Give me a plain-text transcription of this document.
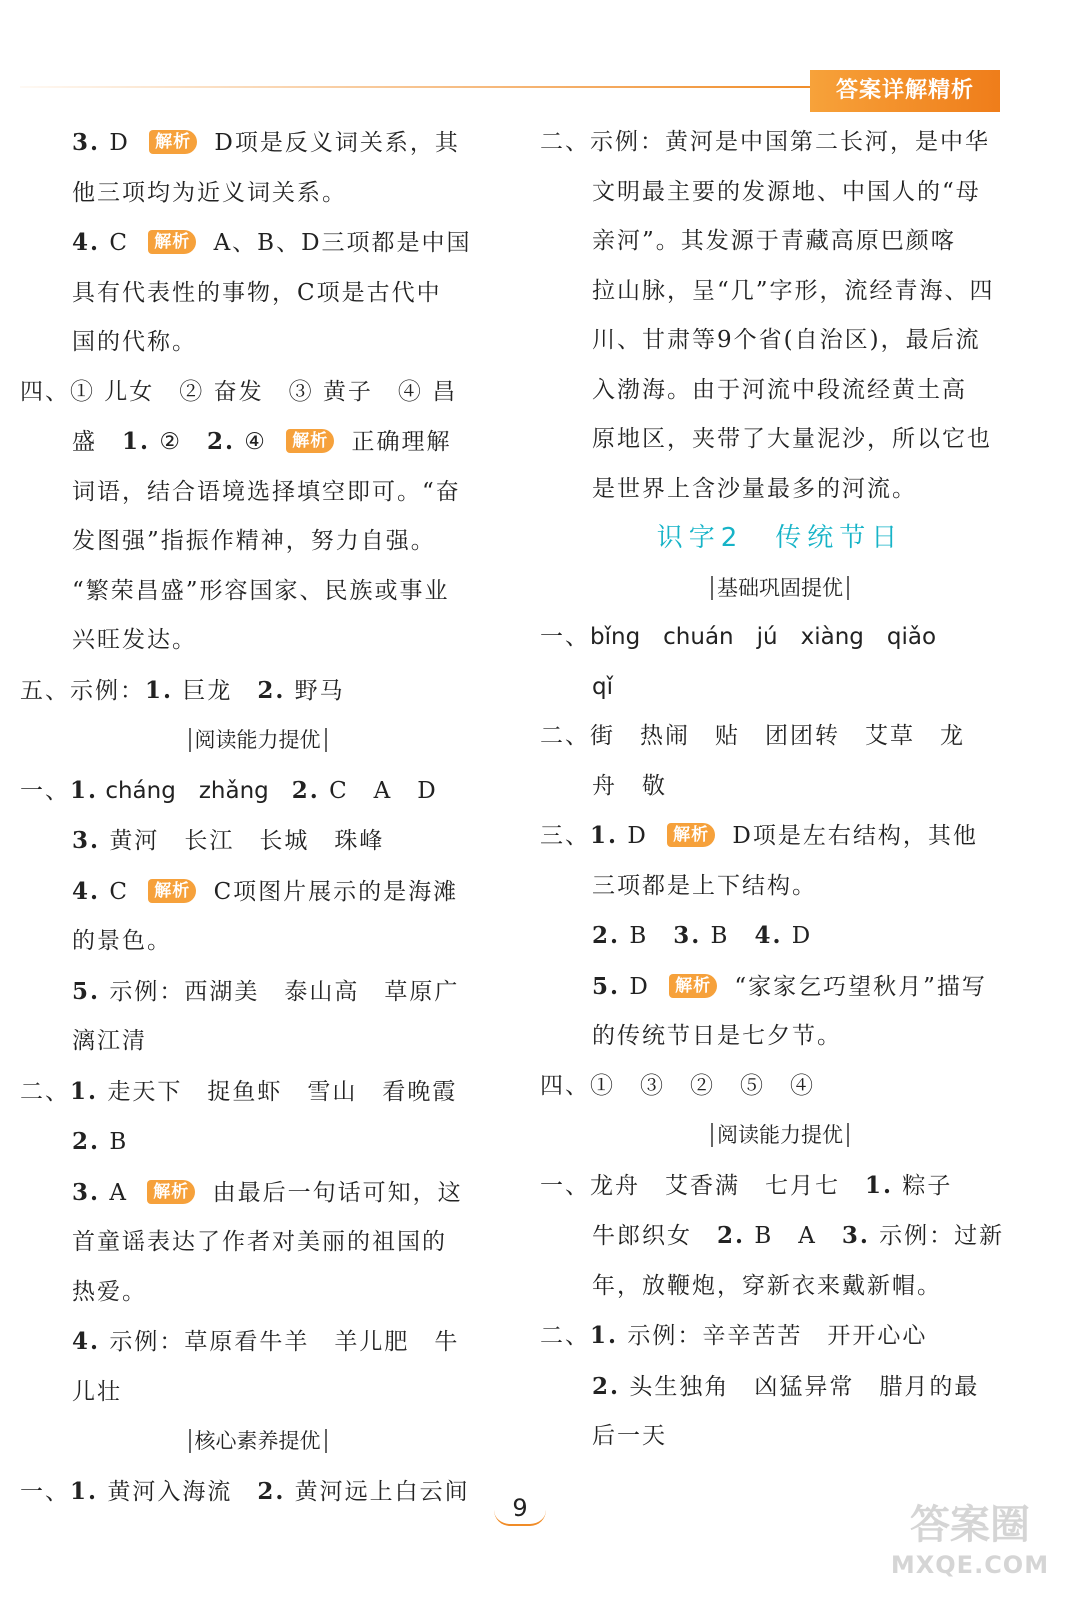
答案详解精析
3. D 解析 D项是反义词关系，其
他三项均为近义词关系。
4. C 解析 A、B、D三项都是中国
具有代表性的事物，C项是古代中
国的代称。
四、① 儿女　② 奋发　③ 黄子　④ 昌
盛　1. ②　2. ④ 解析 正确理解
词语，结合语境选择填空即可。“奋
发图强”指振作精神，努力自强。
“繁荣昌盛”形容国家、民族或事业
兴旺发达。
五、示例：1. 巨龙　2. 野马
阅读能力提优
一、1. cháng　zhǎng　2. C　A　D
3. 黄河　长江　长城　珠峰
4. C 解析 C项图片展示的是海滩
的景色。
5. 示例：西湖美　泰山高　草原广
漓江清
二、1. 走天下　捉鱼虾　雪山　看晚霞
2. B
3. A 解析 由最后一句话可知，这
首童谣表达了作者对美丽的祖国的
热爱。
4. 示例：草原看牛羊　羊儿肥　牛
儿壮
核心素养提优
一、1. 黄河入海流　2. 黄河远上白云间
二、示例：黄河是中国第二长河，是中华
文明最主要的发源地、中国人的“母
亲河”。其发源于青藏高原巴颜喀
拉山脉，呈“几”字形，流经青海、四
川、甘肃等9个省(自治区)，最后流
入渤海。由于河流中段流经黄土高
原地区，夹带了大量泥沙，所以它也
是世界上含沙量最多的河流。
识字2　传统节日
基础巩固提优
一、bǐng　chuán　jú　xiàng　qiǎo
qǐ
二、街　热闹　贴　团团转　艾草　龙
舟　敬
三、1. D 解析 D项是左右结构，其他
三项都是上下结构。
2. B　3. B　4. D
5. D 解析 “家家乞巧望秋月”描写
的传统节日是七夕节。
四、①　③　②　⑤　④
阅读能力提优
一、龙舟　艾香满　七月七　1. 粽子
牛郎织女　2. B　A　3. 示例：过新
年，放鞭炮，穿新衣来戴新帽。
二、1. 示例：辛辛苦苦　开开心心
2. 头生独角　凶猛异常　腊月的最
后一天
9	答案圈
MXQE.COM
